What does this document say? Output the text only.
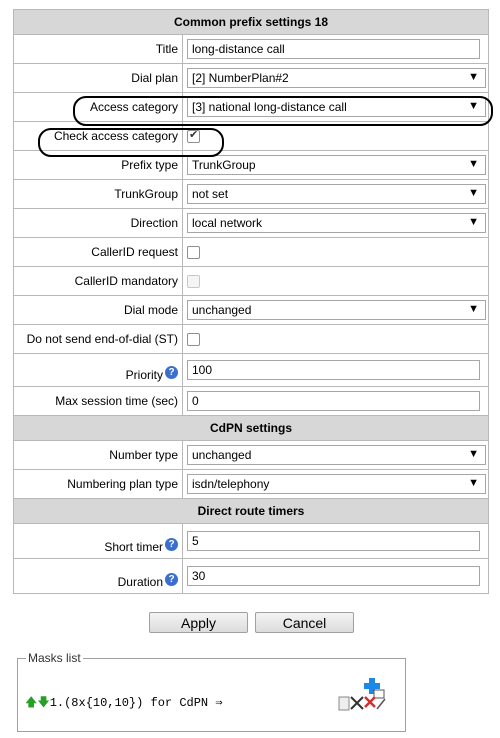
Common prefix settings 18	
Title	long-distance call
Dial plan	[2] NumberPlan#2 ▼

Access category	[3] national long-distance call ▼

Check access category	✔

Prefix type	TrunkGroup ▼

TrunkGroup	not set ▼

Direction	local network ▼

CallerID request	
CallerID mandatory	
Dial mode	unchanged ▼

Do not send end-of-dial (ST)	
Priority ?	100
Max session time (sec)	0
CdPN settings	
Number type	unchanged ▼

Numbering plan type	isdn/telephony ▼

Direct route timers	
Short timer ?	5
Duration ?	30
Apply	Cancel
Masks list
🡅🡇1.(8x{10,10}) for CdPN ⇒
